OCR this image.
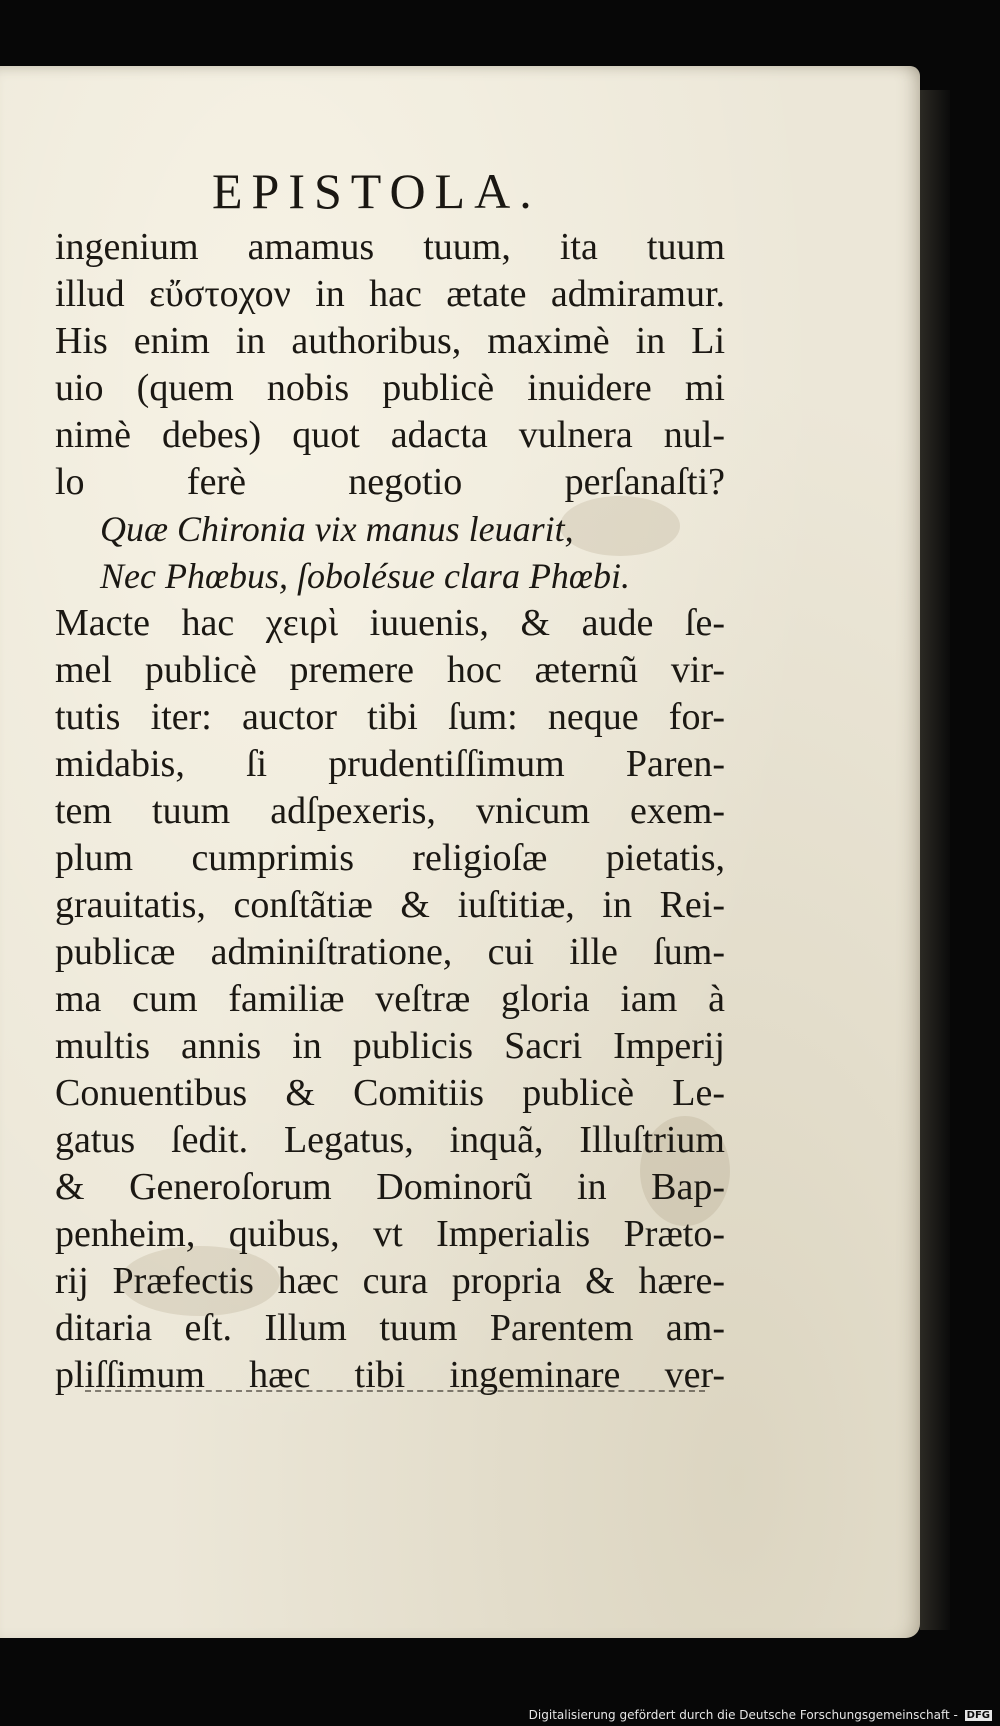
EPISTOLA.
ingenium amamus tuum, ita tuum
illud εὔστοχον in hac ætate admiramur.
His enim in authoribus, maximè in Li
uio (quem nobis publicè inuidere mi
nimè debes) quot adacta vulnera nul-
lo ferè negotio perſanaſti?
Quæ Chironia vix manus leuarit,
Nec Phœbus, ſobolésue clara Phœbi.
Macte hac χειρὶ iuuenis, & aude ſe-
mel publicè premere hoc æternũ vir-
tutis iter: auctor tibi ſum: neque for-
midabis, ſi prudentiſſimum Paren-
tem tuum adſpexeris, vnicum exem-
plum cumprimis religioſæ pietatis,
grauitatis, conſtãtiæ & iuſtitiæ, in Rei-
publicæ adminiſtratione, cui ille ſum-
ma cum familiæ veſtræ gloria iam à
multis annis in publicis Sacri Imperij
Conuentibus & Comitiis publicè Le-
gatus ſedit. Legatus, inquã, Illuſtrium
& Generoſorum Dominorũ in Bap-
penheim, quibus, vt Imperialis Præto-
rij Præfectis hæc cura propria & hære-
ditaria eſt. Illum tuum Parentem am-
pliſſimum hæc tibi ingeminare ver-
Digitalisierung gefördert durch die Deutsche Forschungsgemeinschaft - DFG
